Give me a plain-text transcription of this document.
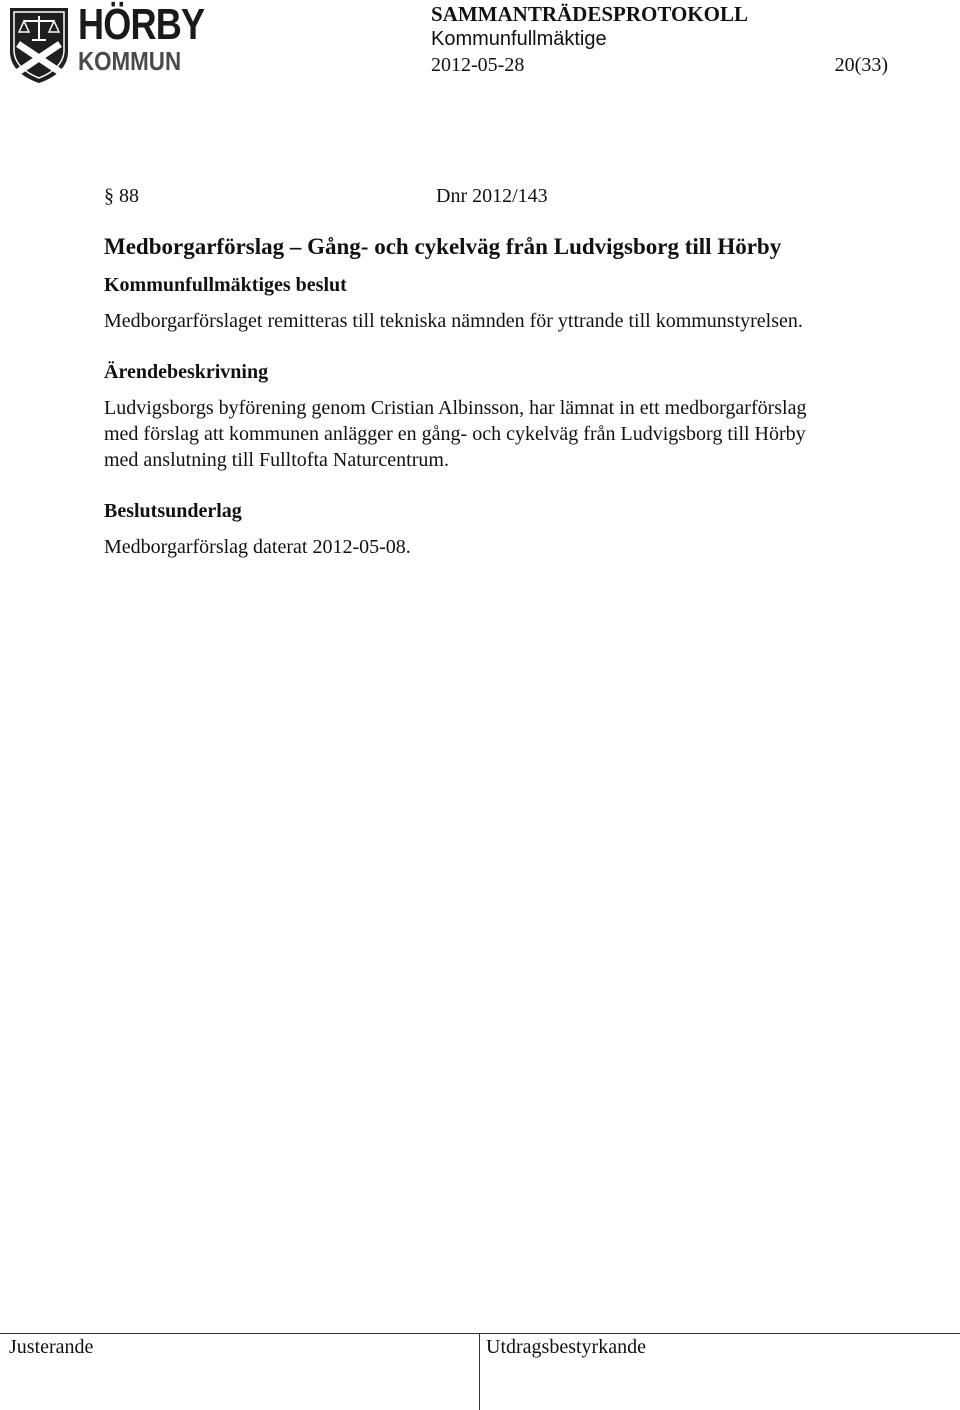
HÖRBY
KOMMUN
SAMMANTRÄDESPROTOKOLL
Kommunfullmäktige
2012-05-28	20(33)
§ 88	Dnr 2012/143
Medborgarförslag – Gång- och cykelväg från Ludvigsborg till Hörby
Kommunfullmäktiges beslut
Medborgarförslaget remitteras till tekniska nämnden för yttrande till kommunstyrelsen.
Ärendebeskrivning
Ludvigsborgs byförening genom Cristian Albinsson, har lämnat in ett medborgarförslag
med förslag att kommunen anlägger en gång- och cykelväg från Ludvigsborg till Hörby
med anslutning till Fulltofta Naturcentrum.
Beslutsunderlag
Medborgarförslag daterat 2012-05-08.
Justerande	Utdragsbestyrkande
